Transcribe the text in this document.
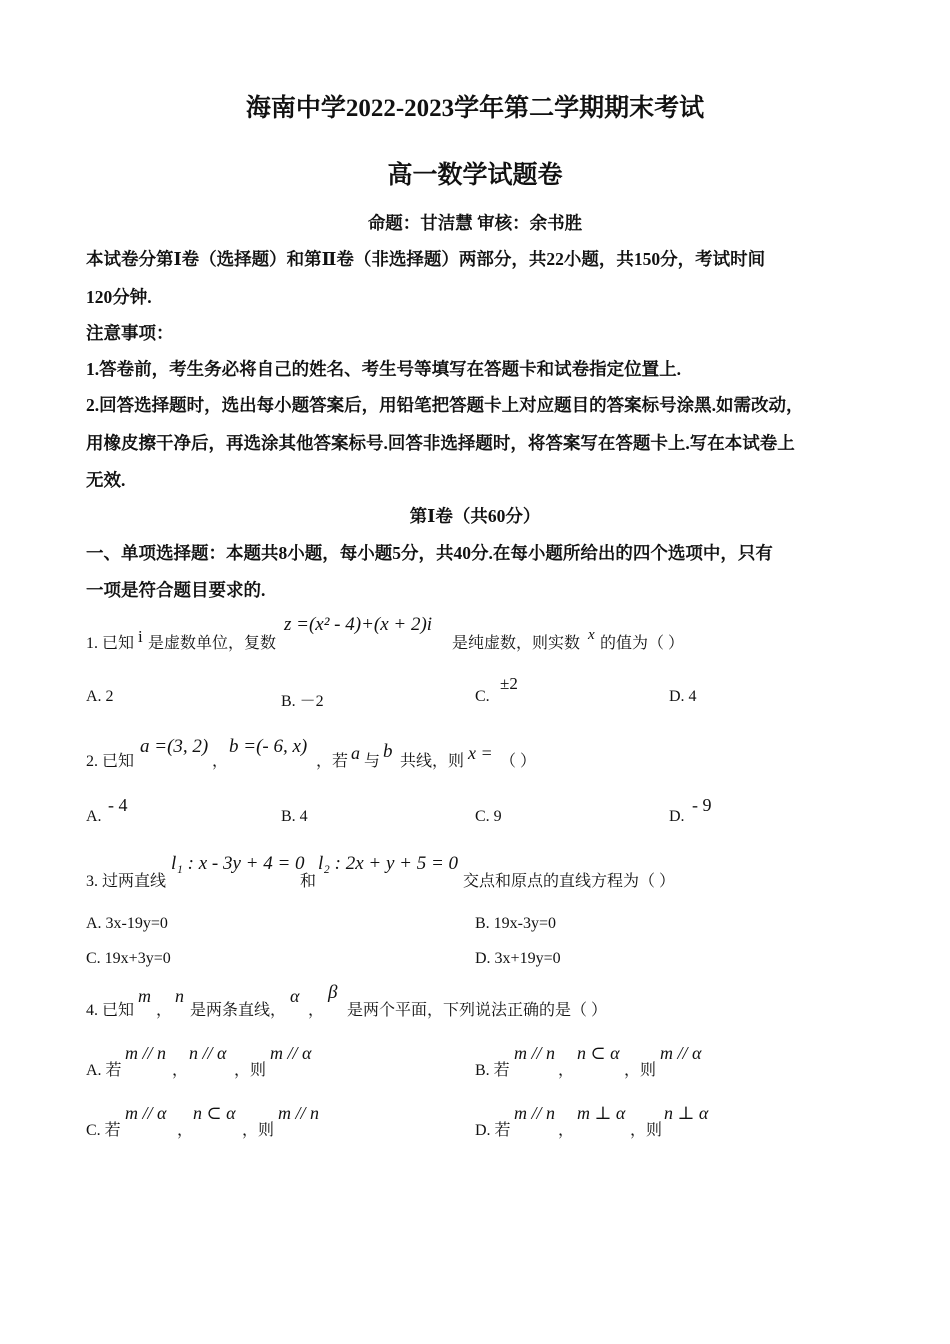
海南中学2022-2023学年第二学期期末考试
高一数学试题卷
命题：甘洁慧 审核：余书胜
本试卷分第Ⅰ卷（选择题）和第Ⅱ卷（非选择题）两部分，共22小题，共150分，考试时间
120分钟.
注意事项：
1.答卷前，考生务必将自己的姓名、考生号等填写在答题卡和试卷指定位置上.
2.回答选择题时，选出每小题答案后，用铅笔把答题卡上对应题目的答案标号涂黑.如需改动，
用橡皮擦干净后，再选涂其他答案标号.回答非选择题时，将答案写在答题卡上.写在本试卷上
无效.
第Ⅰ卷（共60分）
一、单项选择题：本题共8小题，每小题5分，共40分.在每小题所给出的四个选项中，只有
一项是符合题目要求的.
1. 已知 i 是虚数单位，复数
z =(x² - 4)+(x + 2)i
是纯虚数，则实数 x 的值为（ ）
A. 2	B. －2	C.
±2
D. 4
2. 已知
a =(3, 2)
，
b =(- 6, x)
，若 a 与 b 共线，则 x = （ ）
A.
- 4
B. 4	C. 9	D.
- 9
3. 过两直线
l₁ : x - 3y + 4 = 0
和
l₂ : 2x + y + 5 = 0
交点和原点的直线方程为（ ）
A. 3x-19y=0	B. 19x-3y=0
C. 19x+3y=0	D. 3x+19y=0
4. 已知
m
，
n
是两条直线，
α
，
β
是两个平面，下列说法正确的是（ ）
A. 若
m // n
，
n // α
，则
m // α
B. 若
m // n
，
n ⊂ α
，则
m // α
C. 若
m // α
，
n ⊂ α
，则
m // n
D. 若
m // n
，
m ⊥ α
，则
n ⊥ α
